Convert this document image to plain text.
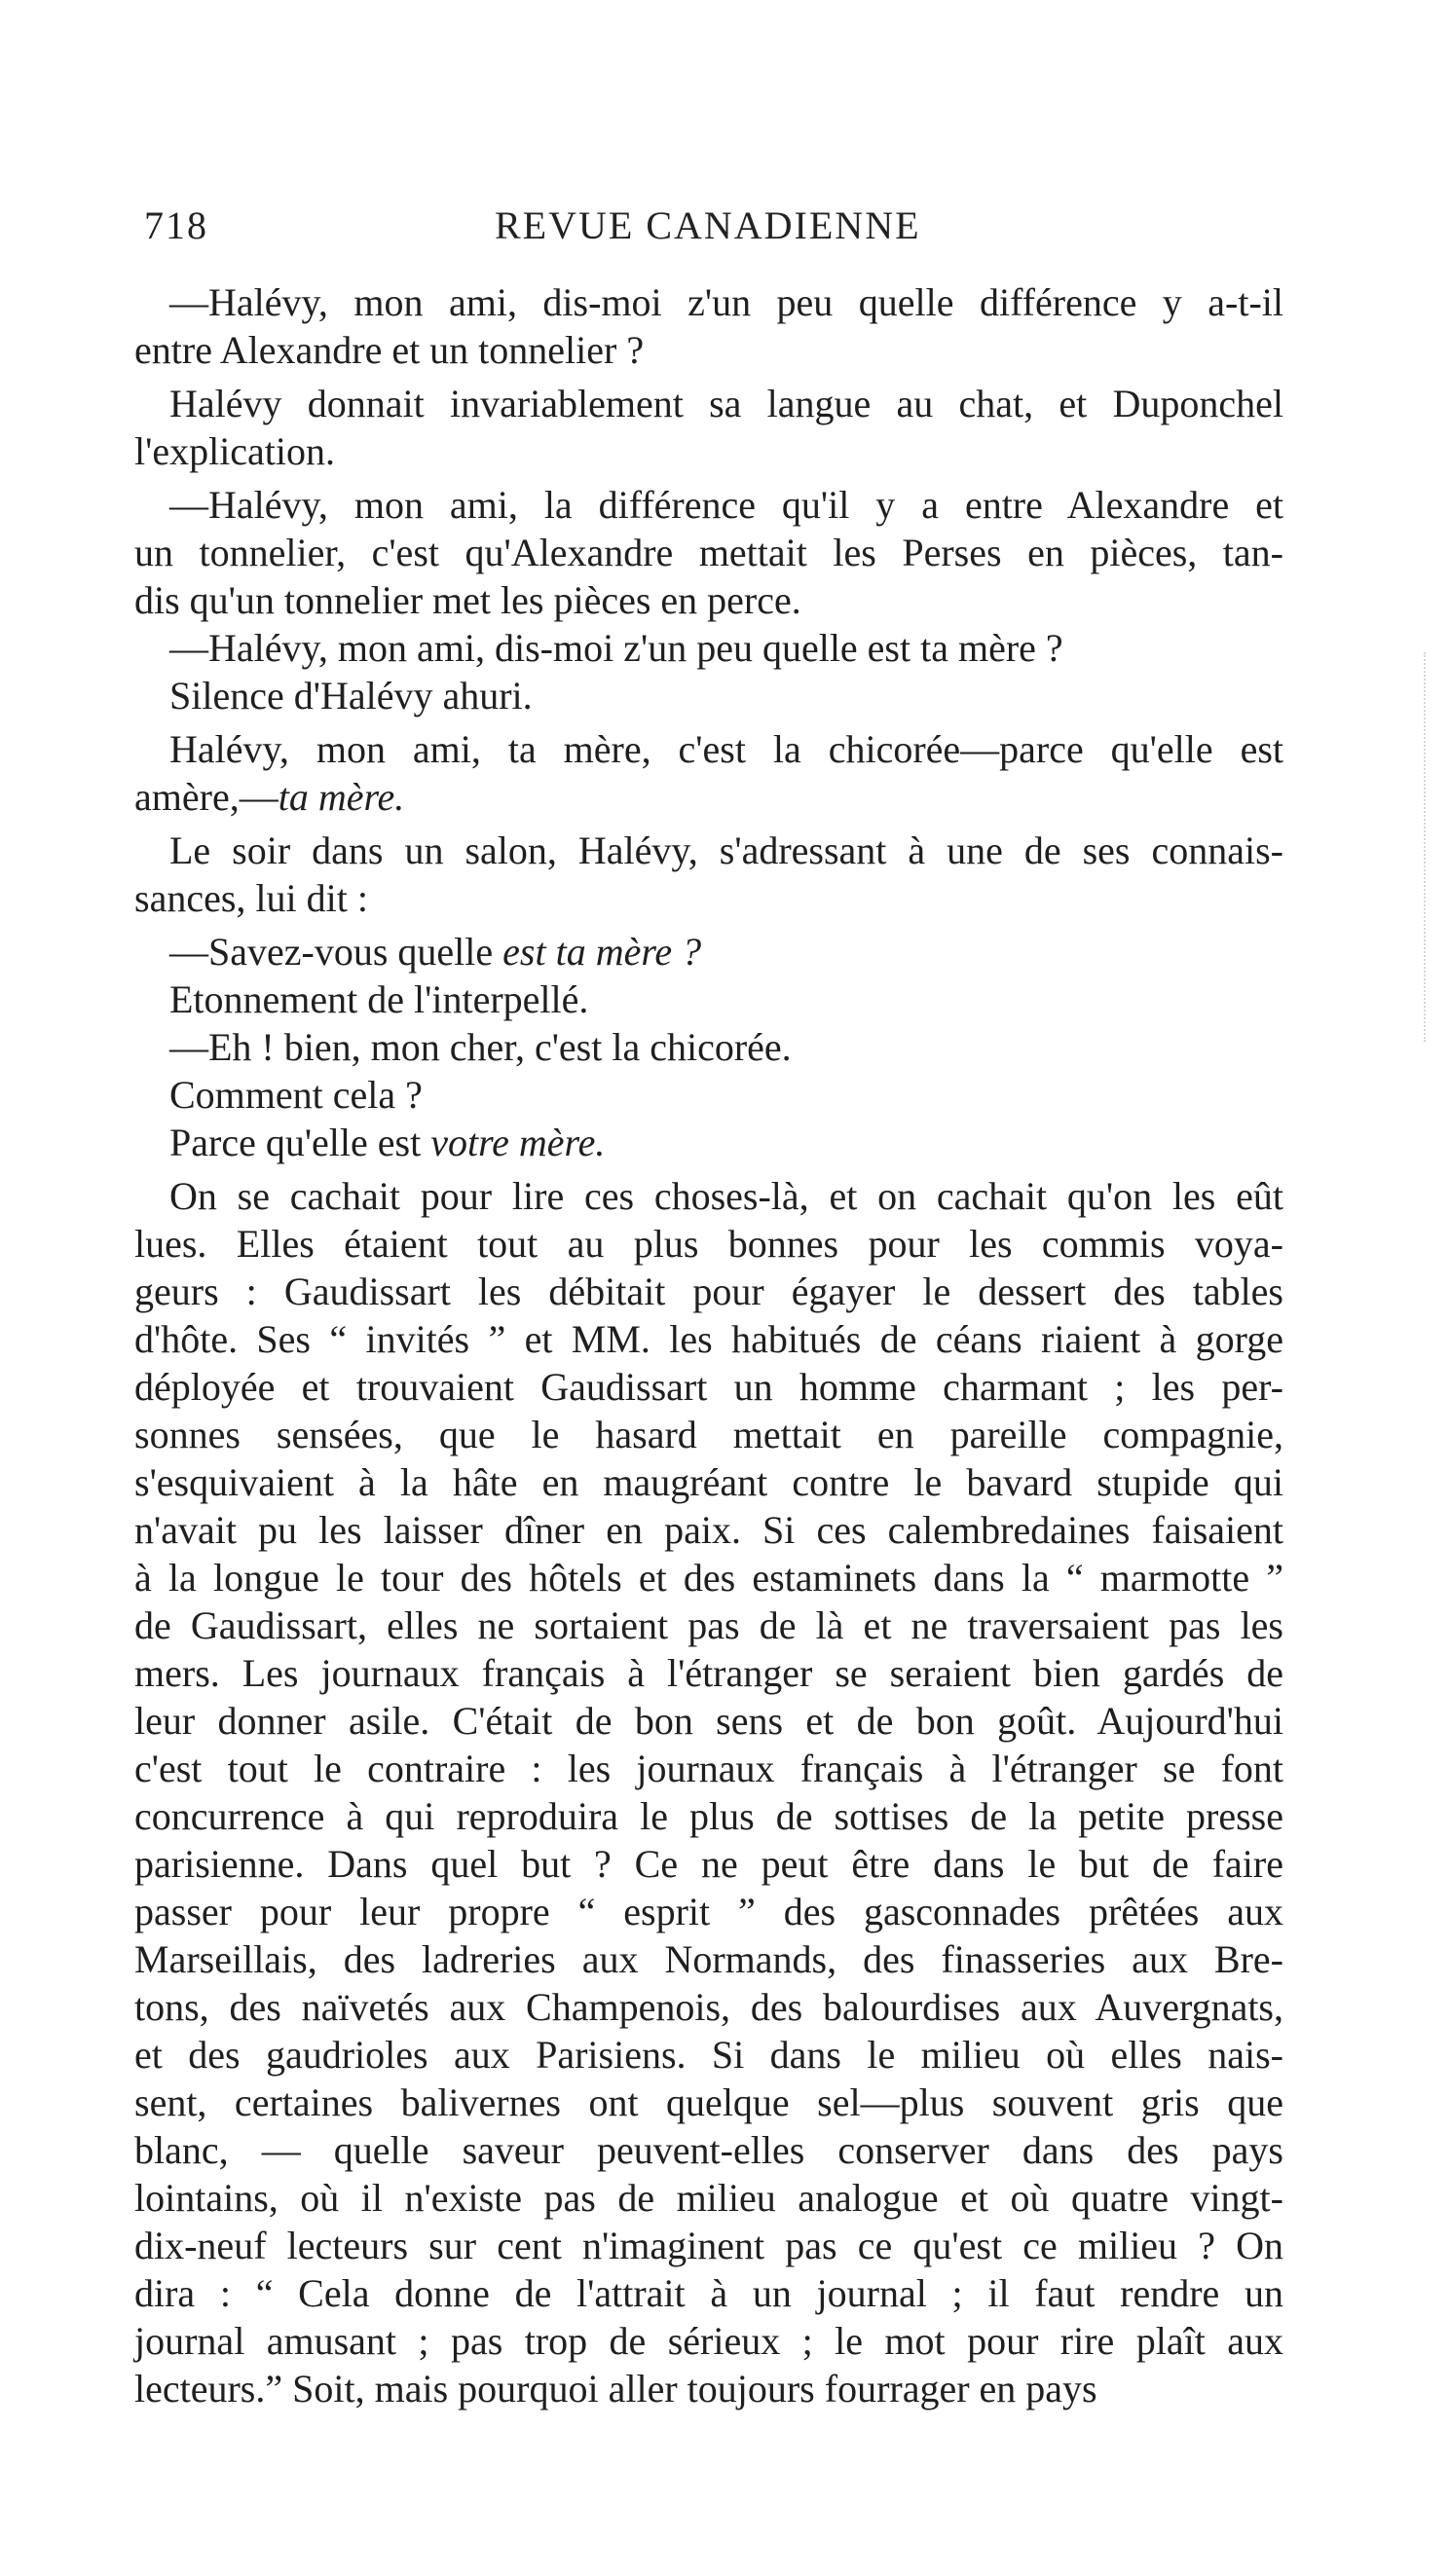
718	REVUE CANADIENNE
—Halévy, mon ami, dis-moi z'un peu quelle différence y a-t-il
entre Alexandre et un tonnelier ?
Halévy donnait invariablement sa langue au chat, et Duponchel
l'explication.
—Halévy, mon ami, la différence qu'il y a entre Alexandre et
un tonnelier, c'est qu'Alexandre mettait les Perses en pièces, tan-
dis qu'un tonnelier met les pièces en perce.
—Halévy, mon ami, dis-moi z'un peu quelle est ta mère ?
Silence d'Halévy ahuri.
Halévy, mon ami, ta mère, c'est la chicorée—parce qu'elle est
amère,—ta mère.
Le soir dans un salon, Halévy, s'adressant à une de ses connais-
sances, lui dit :
—Savez-vous quelle est ta mère ?
Etonnement de l'interpellé.
—Eh ! bien, mon cher, c'est la chicorée.
Comment cela ?
Parce qu'elle est votre mère.
On se cachait pour lire ces choses-là, et on cachait qu'on les eût
lues. Elles étaient tout au plus bonnes pour les commis voya-
geurs : Gaudissart les débitait pour égayer le dessert des tables
d'hôte. Ses “ invités ” et MM. les habitués de céans riaient à gorge
déployée et trouvaient Gaudissart un homme charmant ; les per-
sonnes sensées, que le hasard mettait en pareille compagnie,
s'esquivaient à la hâte en maugréant contre le bavard stupide qui
n'avait pu les laisser dîner en paix. Si ces calembredaines faisaient
à la longue le tour des hôtels et des estaminets dans la “ marmotte ”
de Gaudissart, elles ne sortaient pas de là et ne traversaient pas les
mers. Les journaux français à l'étranger se seraient bien gardés de
leur donner asile. C'était de bon sens et de bon goût. Aujourd'hui
c'est tout le contraire : les journaux français à l'étranger se font
concurrence à qui reproduira le plus de sottises de la petite presse
parisienne. Dans quel but ? Ce ne peut être dans le but de faire
passer pour leur propre “ esprit ” des gasconnades prêtées aux
Marseillais, des ladreries aux Normands, des finasseries aux Bre-
tons, des naïvetés aux Champenois, des balourdises aux Auvergnats,
et des gaudrioles aux Parisiens. Si dans le milieu où elles nais-
sent, certaines balivernes ont quelque sel—plus souvent gris que
blanc, — quelle saveur peuvent-elles conserver dans des pays
lointains, où il n'existe pas de milieu analogue et où quatre vingt-
dix-neuf lecteurs sur cent n'imaginent pas ce qu'est ce milieu ? On
dira : “ Cela donne de l'attrait à un journal ; il faut rendre un
journal amusant ; pas trop de sérieux ; le mot pour rire plaît aux
lecteurs.” Soit, mais pourquoi aller toujours fourrager en pays
